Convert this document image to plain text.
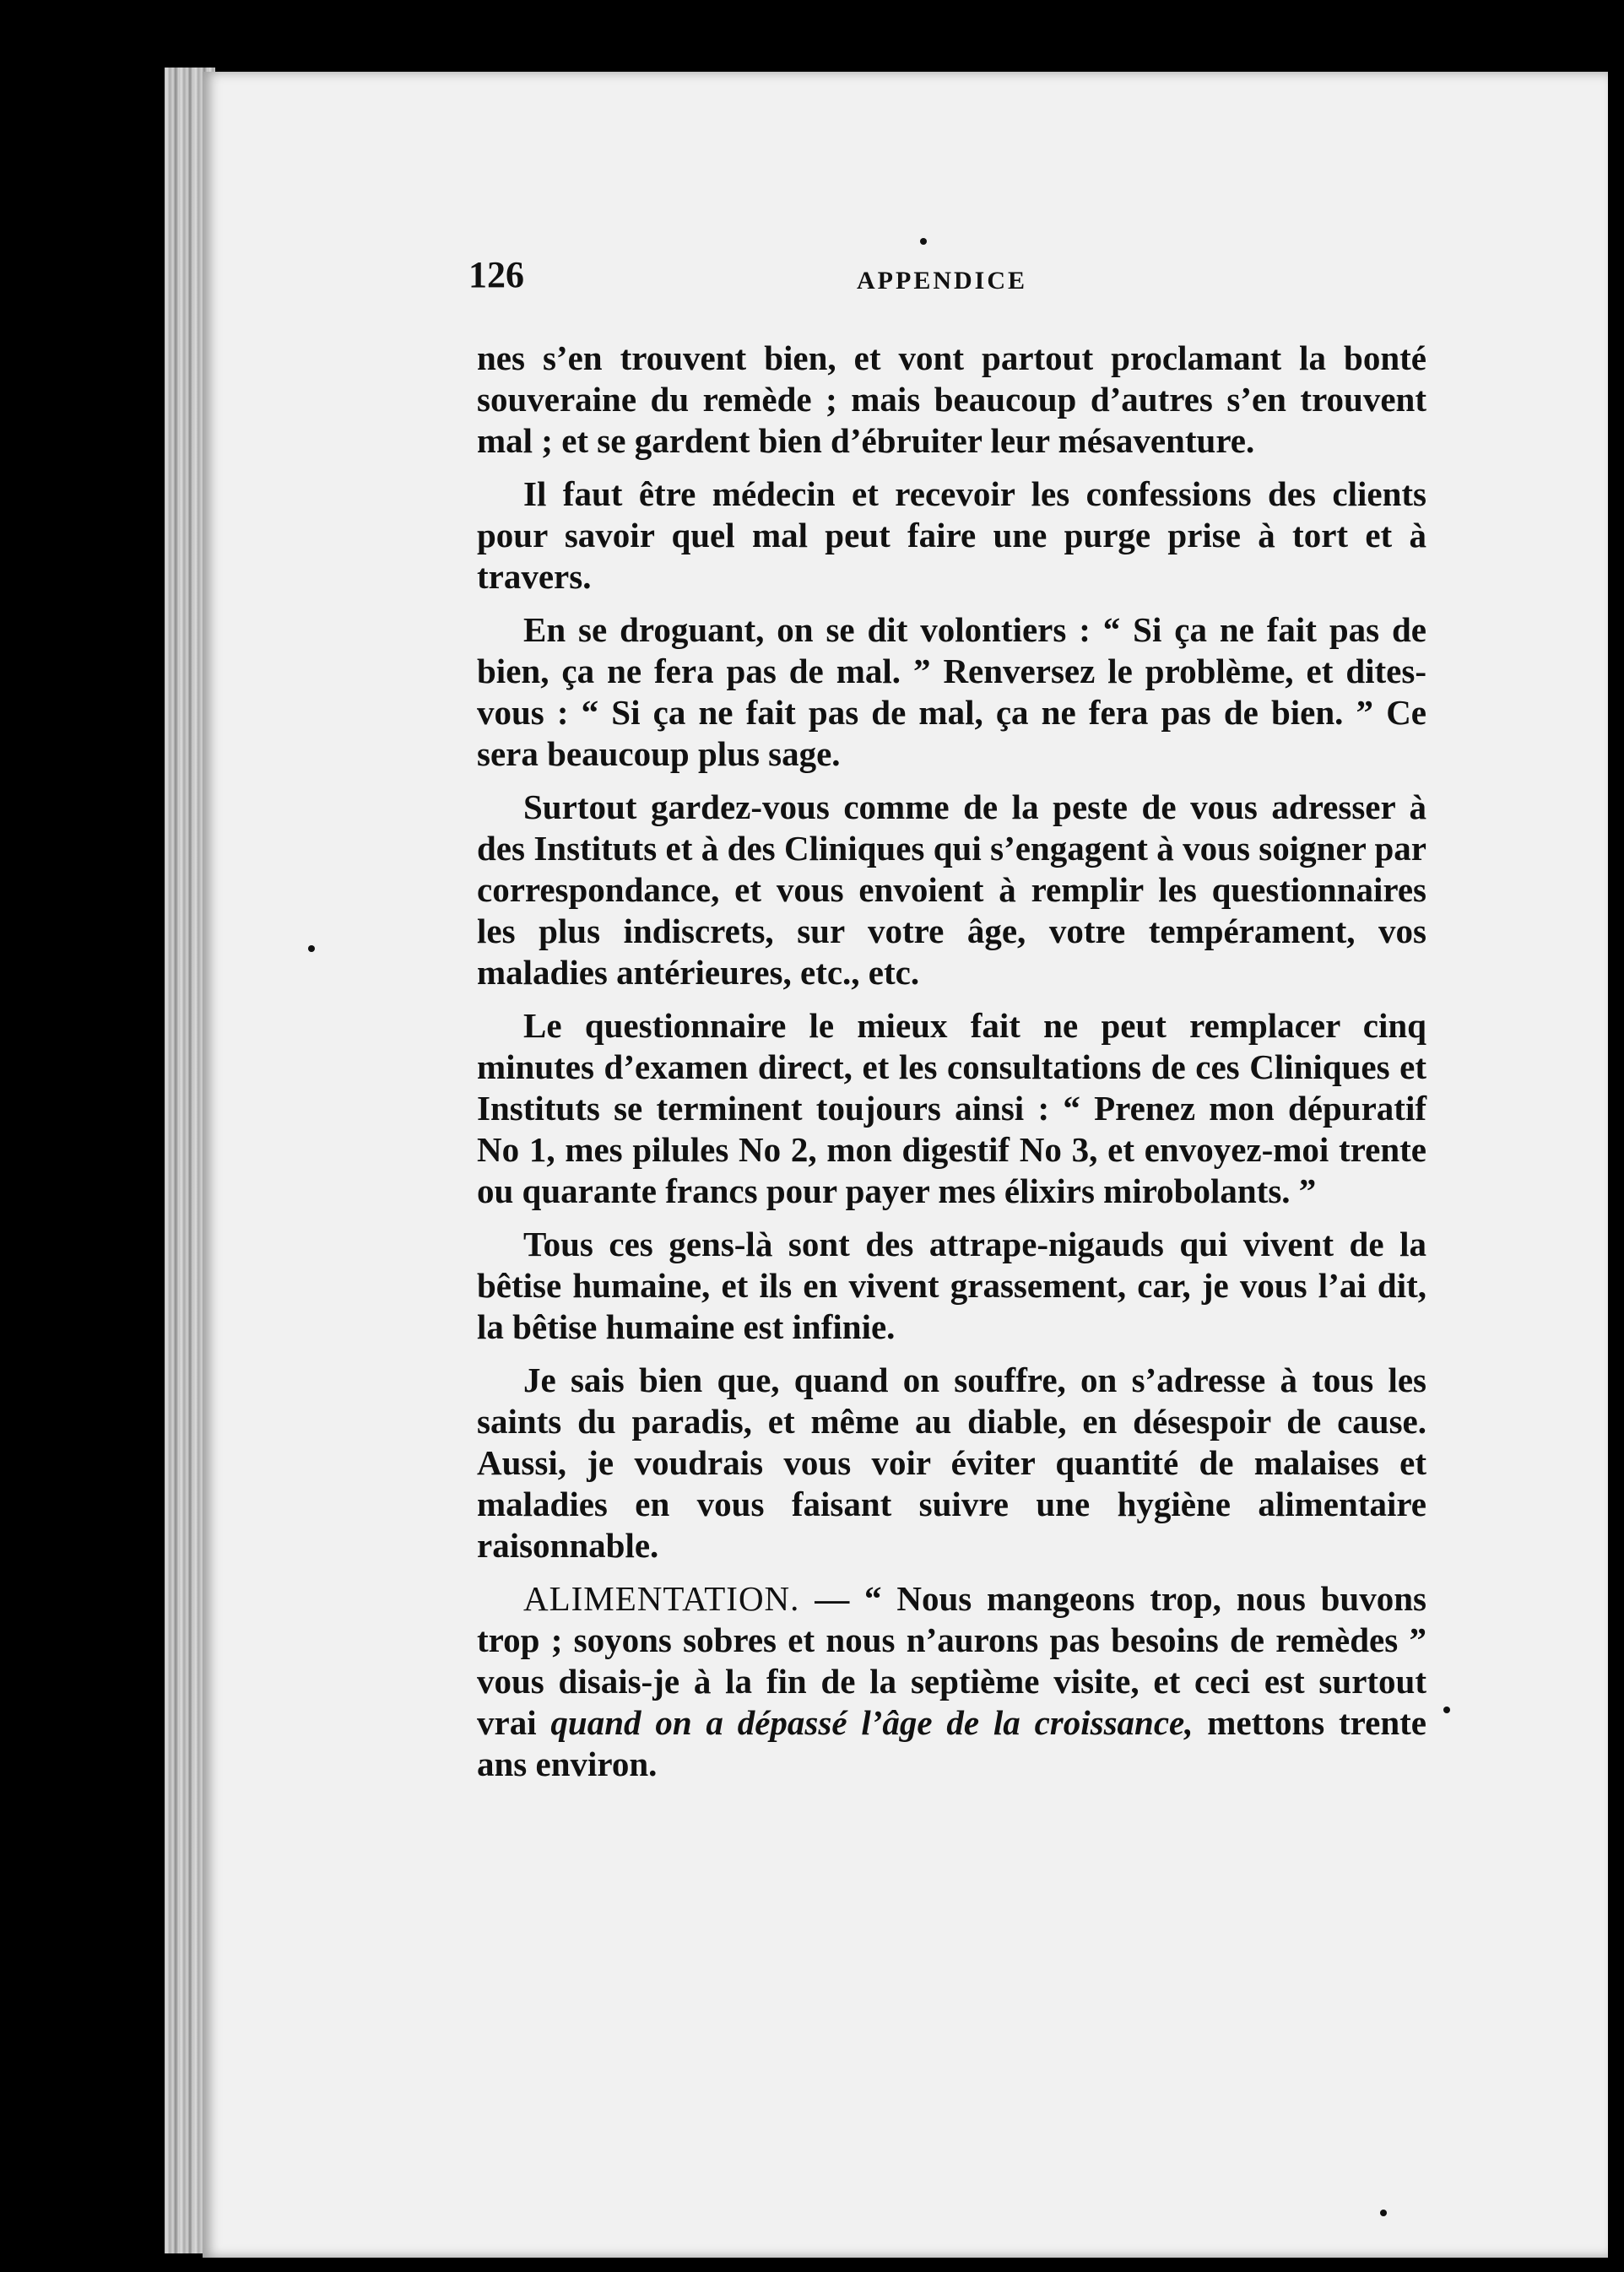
126	APPENDICE

nes s’en trouvent bien, et vont partout proclamant la bonté souveraine du remède ; mais beaucoup d’autres s’en trouvent mal ; et se gardent bien d’ébruiter leur mésaventure.

Il faut être médecin et recevoir les confessions des clients pour savoir quel mal peut faire une purge prise à tort et à travers.

En se droguant, on se dit volontiers : “ Si ça ne fait pas de bien, ça ne fera pas de mal. ” Renversez le problème, et dites-vous : “ Si ça ne fait pas de mal, ça ne fera pas de bien. ” Ce sera beaucoup plus sage.

Surtout gardez-vous comme de la peste de vous adresser à des Instituts et à des Cliniques qui s’engagent à vous soigner par correspondance, et vous envoient à remplir les questionnaires les plus indiscrets, sur votre âge, votre tempérament, vos maladies antérieures, etc., etc.

Le questionnaire le mieux fait ne peut remplacer cinq minutes d’examen direct, et les consultations de ces Cliniques et Instituts se terminent toujours ainsi : “ Prenez mon dépuratif No 1, mes pilules No 2, mon digestif No 3, et envoyez-moi trente ou quarante francs pour payer mes élixirs mirobolants. ”

Tous ces gens-là sont des attrape-nigauds qui vivent de la bêtise humaine, et ils en vivent grassement, car, je vous l’ai dit, la bêtise humaine est infinie.

Je sais bien que, quand on souffre, on s’adresse à tous les saints du paradis, et même au diable, en désespoir de cause. Aussi, je voudrais vous voir éviter quantité de malaises et maladies en vous faisant suivre une hygiène alimentaire raisonnable.

ALIMENTATION. — “ Nous mangeons trop, nous buvons trop ; soyons sobres et nous n’aurons pas besoins de remèdes ” vous disais-je à la fin de la septième visite, et ceci est surtout vrai quand on a dépassé l’âge de la croissance, mettons trente ans environ.
